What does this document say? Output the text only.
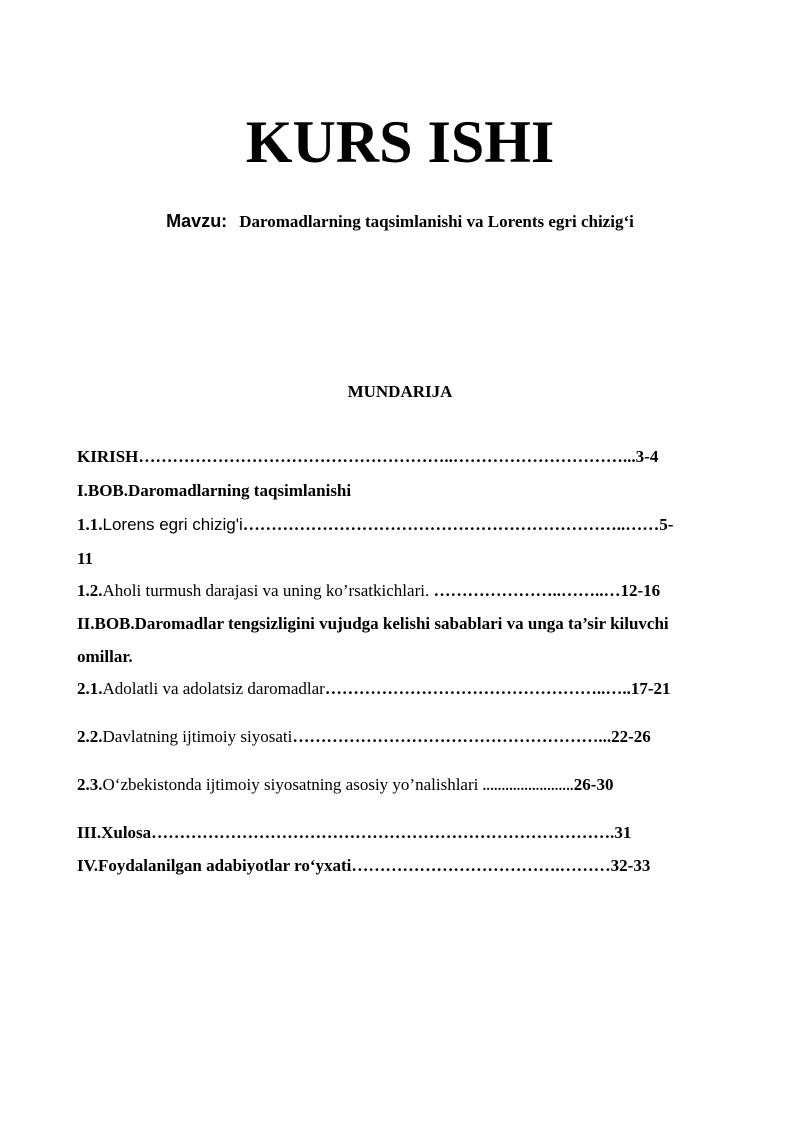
KURS ISHI
Mavzu: Daromadlarning taqsimlanishi va Lorents egri chizig‘i
MUNDARIJA
KIRISH………………………………………………..…………………………...3-4
I.BOB.Daromadlarning taqsimlanishi
1.1.Lorens egri chizig'i…………………………………………………………..……5-
11
1.2.Aholi turmush darajasi va uning ko’rsatkichlari. …………………..……..…12-16
II.BOB.Daromadlar tengsizligini vujudga kelishi sabablari va unga ta’sir kiluvchi
omillar.
2.1.Adolatli va adolatsiz daromadlar…………………………………………..…..17-21
2.2.Davlatning ijtimoiy siyosati………………………………………………...22-26
2.3.O‘zbekistonda ijtimoiy siyosatning asosiy yo’nalishlari ........................26-30
III.Xulosa……………………………………………………………………….31
IV.Foydalanilgan adabiyotlar ro‘yxati……………………………….………32-33
